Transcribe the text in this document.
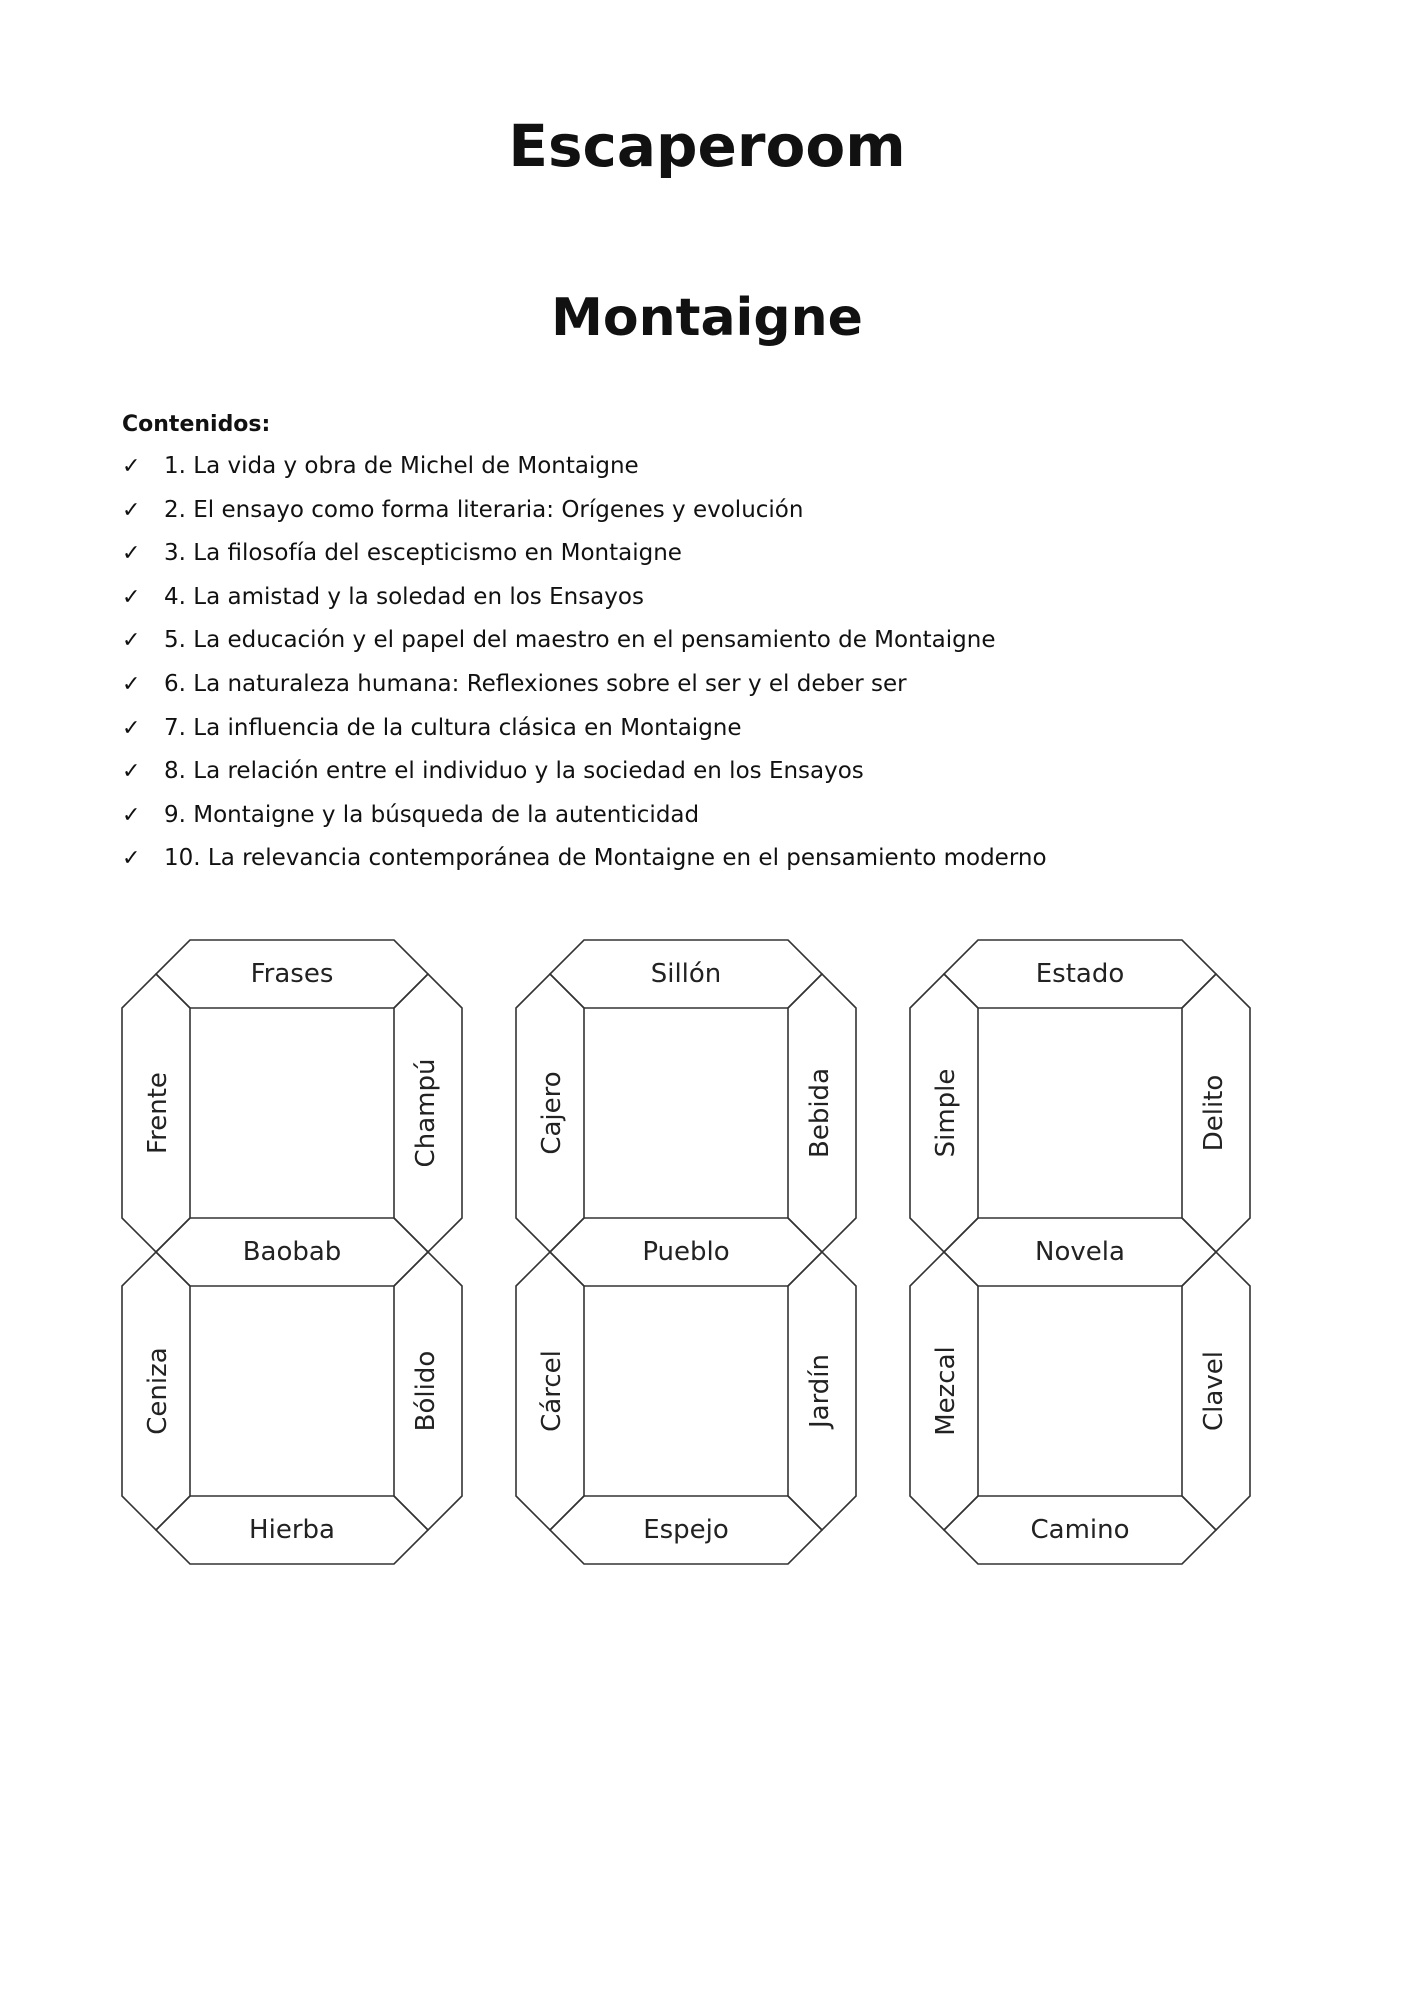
Escaperoom
Montaigne

Contenidos:

✓ 1. La vida y obra de Michel de Montaigne
✓ 2. El ensayo como forma literaria: Orígenes y evolución
✓ 3. La filosofía del escepticismo en Montaigne
✓ 4. La amistad y la soledad en los Ensayos
✓ 5. La educación y el papel del maestro en el pensamiento de Montaigne
✓ 6. La naturaleza humana: Reflexiones sobre el ser y el deber ser
✓ 7. La influencia de la cultura clásica en Montaigne
✓ 8. La relación entre el individuo y la sociedad en los Ensayos
✓ 9. Montaigne y la búsqueda de la autenticidad
✓ 10. La relevancia contemporánea de Montaigne en el pensamiento moderno
Frases
Baobab
Hierba
Frente	Champú
Ceniza	Bólido
Sillón
Pueblo
Espejo
Cajero	Bebida
Cárcel	Jardín
Estado
Novela
Camino
Simple	Delito
Mezcal	Clavel
